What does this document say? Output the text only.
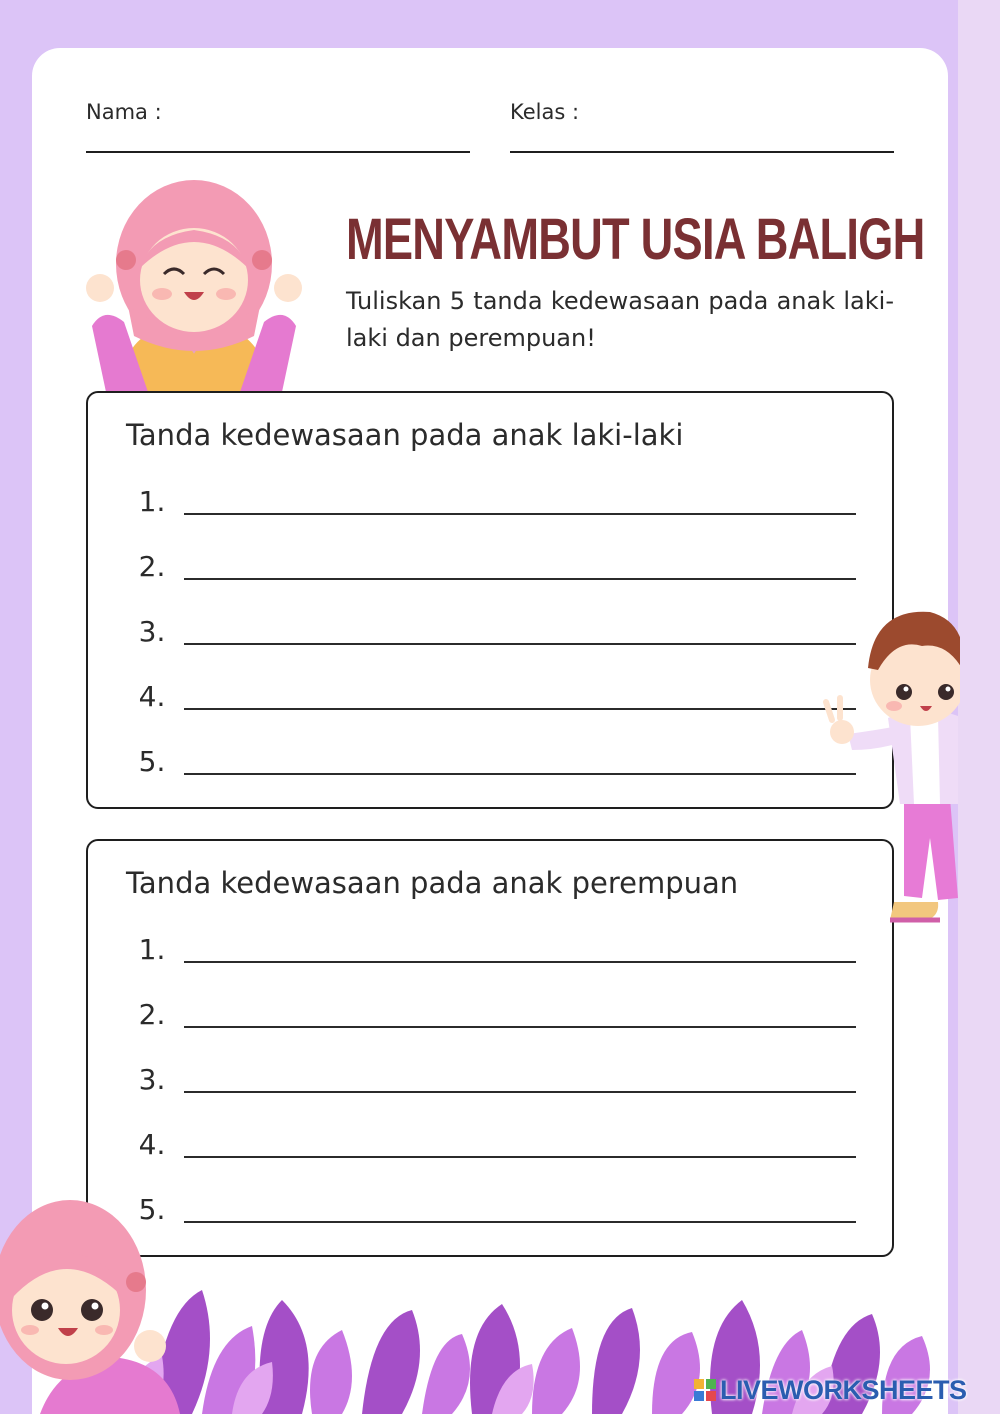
Nama :	Kelas :
MENYAMBUT USIA BALIGH
Tuliskan 5 tanda kedewasaan pada anak laki-laki dan perempuan!
Tanda kedewasaan pada anak laki-laki
1.
2.
3.
4.
5.
Tanda kedewasaan pada anak perempuan
1.
2.
3.
4.
5.
LIVEWORKSHEETS
